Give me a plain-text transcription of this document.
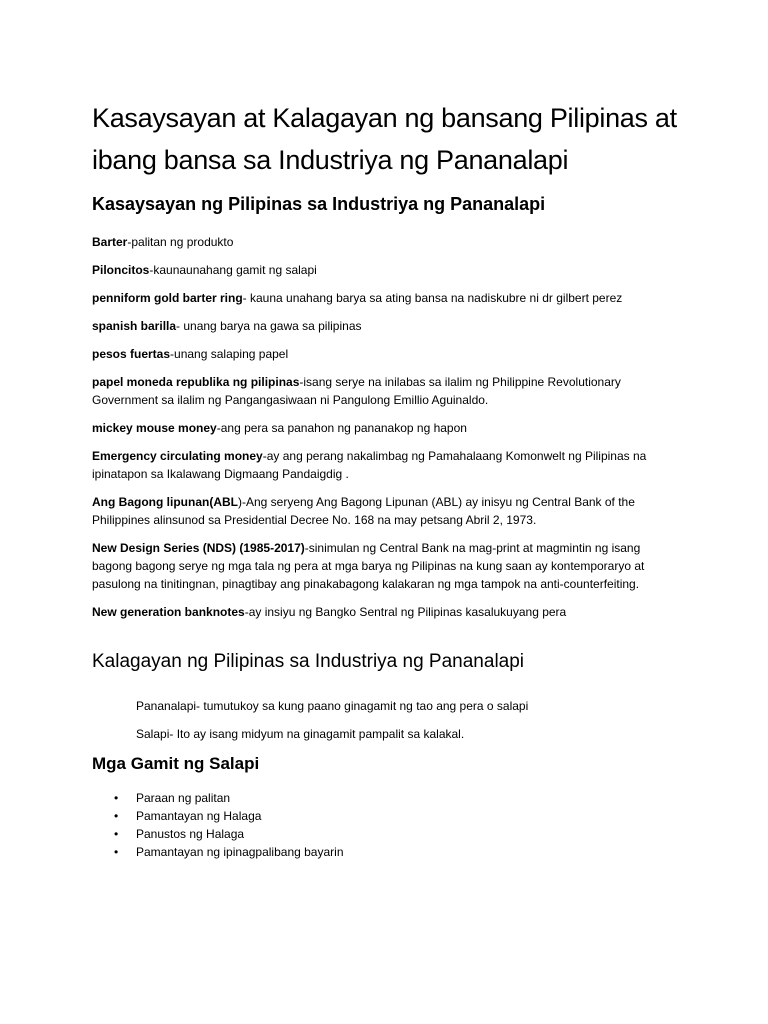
Kasaysayan at Kalagayan ng bansang Pilipinas at
ibang bansa sa Industriya ng Pananalapi
Kasaysayan ng Pilipinas sa Industriya ng Pananalapi

Barter-palitan ng produkto

Piloncitos-kaunaunahang gamit ng salapi

penniform gold barter ring- kauna unahang barya sa ating bansa na nadiskubre ni dr gilbert perez

spanish barilla- unang barya na gawa sa pilipinas

pesos fuertas-unang salaping papel

papel moneda republika ng pilipinas-isang serye na inilabas sa ilalim ng Philippine Revolutionary Government sa ilalim ng Pangangasiwaan ni Pangulong Emillio Aguinaldo.

mickey mouse money-ang pera sa panahon ng pananakop ng hapon

Emergency circulating money-ay ang perang nakalimbag ng Pamahalaang Komonwelt ng Pilipinas na ipinatapon sa Ikalawang Digmaang Pandaigdig .

Ang Bagong lipunan(ABL)-Ang seryeng Ang Bagong Lipunan (ABL) ay inisyu ng Central Bank of the Philippines alinsunod sa Presidential Decree No. 168 na may petsang Abril 2, 1973.

New Design Series (NDS) (1985-2017)-sinimulan ng Central Bank na mag-print at magmintin ng isang bagong bagong serye ng mga tala ng pera at mga barya ng Pilipinas na kung saan ay kontemporaryo at pasulong na tinitingnan, pinagtibay ang pinakabagong kalakaran ng mga tampok na anti-counterfeiting.

New generation banknotes-ay insiyu ng Bangko Sentral ng Pilipinas kasalukuyang pera

Kalagayan ng Pilipinas sa Industriya ng Pananalapi

Pananalapi- tumutukoy sa kung paano ginagamit ng tao ang pera o salapi

Salapi- Ito ay isang midyum na ginagamit pampalit sa kalakal.

Mga Gamit ng Salapi
• Paraan ng palitan
• Pamantayan ng Halaga
• Panustos ng Halaga
• Pamantayan ng ipinagpalibang bayarin
